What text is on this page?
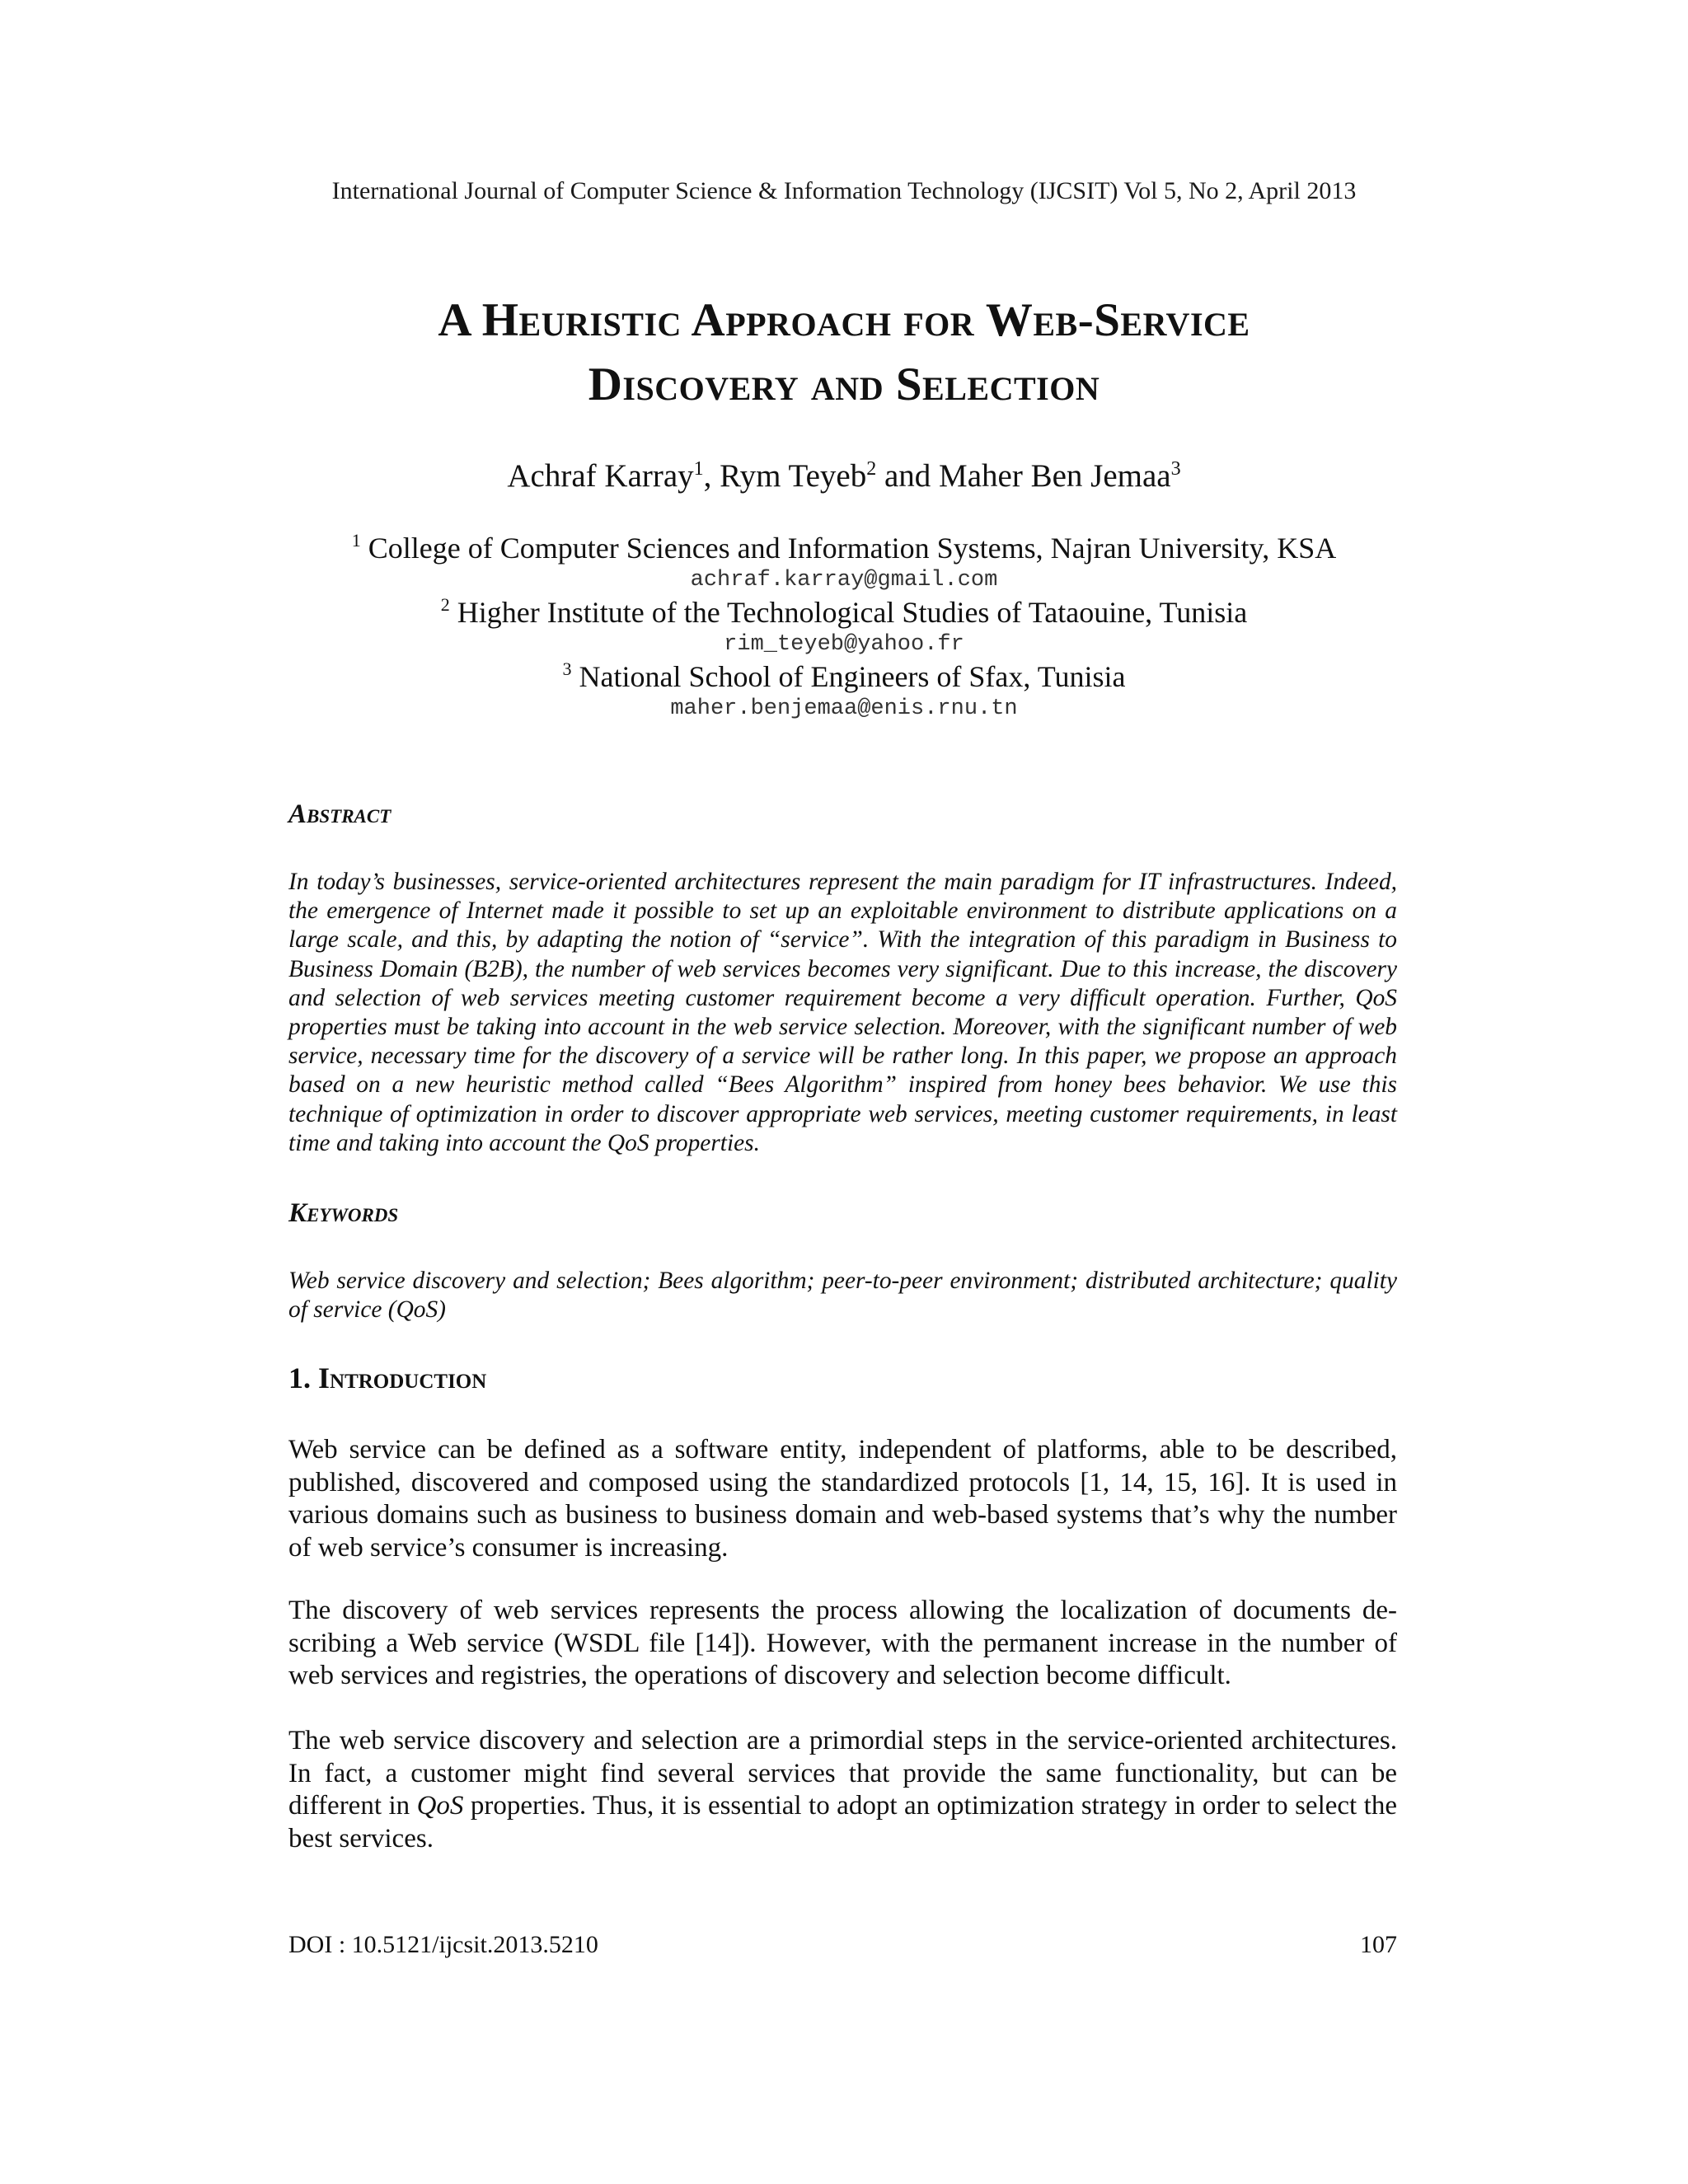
International Journal of Computer Science & Information Technology (IJCSIT) Vol 5, No 2, April 2013
A Heuristic Approach for Web-Service
Discovery and Selection
Achraf Karray$^1$, Rym Teyeb$^2$ and Maher Ben Jemaa$^3$
$^1$ College of Computer Sciences and Information Systems, Najran University, KSA
achraf.karray@gmail.com
$^2$ Higher Institute of the Technological Studies of Tataouine, Tunisia
rim_teyeb@yahoo.fr
$^3$ National School of Engineers of Sfax, Tunisia
maher.benjemaa@enis.rnu.tn
Abstract
In today’s businesses, service-oriented architectures represent the main paradigm for IT infrastructures. Indeed, the emergence of Internet made it possible to set up an exploitable environment to distribute applications on a large scale, and this, by adapting the notion of “service”. With the integration of this paradigm in Business to Business Domain (B2B), the number of web services becomes very significant. Due to this increase, the discovery and selection of web services meeting customer requirement become a very difficult operation. Further, QoS properties must be taking into account in the web service selection. Moreover, with the significant number of web service, necessary time for the discovery of a service will be rather long. In this paper, we propose an approach based on a new heuristic method called “Bees Algorithm” inspired from honey bees behavior. We use this technique of optimization in order to discover appropriate web services, meeting customer requirements, in least time and taking into account the QoS properties.
Keywords
Web service discovery and selection; Bees algorithm; peer-to-peer environment; distributed architecture; quality of service (QoS)
1. Introduction
Web service can be defined as a software entity, independent of platforms, able to be described, published, discovered and composed using the standardized protocols [1, 14, 15, 16]. It is used in various domains such as business to business domain and web-based systems that’s why the number of web service’s consumer is increasing.
The discovery of web services represents the process allowing the localization of documents describing a Web service (WSDL file [14]). However, with the permanent increase in the number of web services and registries, the operations of discovery and selection become difficult.
The web service discovery and selection are a primordial steps in the service-oriented architectures. In fact, a customer might find several services that provide the same functionality, but can be different in QoS properties. Thus, it is essential to adopt an optimization strategy in order to select the best services.
DOI : 10.5121/ijcsit.2013.5210	107
